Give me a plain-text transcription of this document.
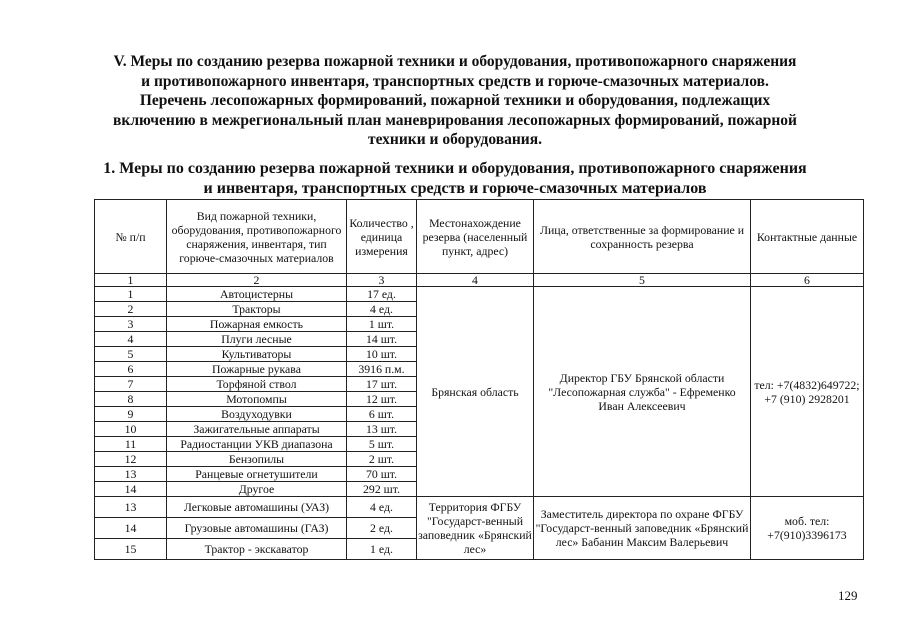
V. Меры по созданию резерва пожарной техники и оборудования, противопожарного снаряжения
и противопожарного инвентаря, транспортных средств и горюче-смазочных материалов.
Перечень лесопожарных формирований, пожарной техники и оборудования, подлежащих
включению в межрегиональный план маневрирования лесопожарных формирований, пожарной
техники и оборудования.
1. Меры по созданию резерва пожарной техники и оборудования, противопожарного снаряжения
и инвентаря, транспортных средств и горюче-смазочных материалов
№ п/п	Вид пожарной техники, оборудования, противопожарного снаряжения, инвентаря, тип горюче-смазочных материалов	Количество , единица измерения	Местонахождение резерва (населенный пункт, адрес)	Лица, ответственные за формирование и сохранность резерва	Контактные данные
1	2	3	4	5	6
1	Автоцистерны	17 ед.	Брянская область	Директор ГБУ Брянской области "Лесопожарная служба" - Ефременко Иван Алексеевич	тел: +7(4832)649722; +7 (910) 2928201
2	Тракторы	4 ед.			
3	Пожарная емкость	1 шт.			
4	Плуги лесные	14 шт.			
5	Культиваторы	10 шт.			
6	Пожарные рукава	3916 п.м.			
7	Торфяной ствол	17 шт.			
8	Мотопомпы	12 шт.			
9	Воздуходувки	6 шт.			
10	Зажигательные аппараты	13 шт.			
11	Радиостанции УКВ диапазона	5 шт.			
12	Бензопилы	2 шт.			
13	Ранцевые огнетушители	70 шт.			
14	Другое	292 шт.			
13	Легковые автомашины (УАЗ)	4 ед.	Территория ФГБУ "Государст-венный заповедник «Брянский лес»	Заместитель директора по охране ФГБУ "Государст-венный заповедник «Брянский лес» Бабанин Максим Валерьевич	моб. тел: +7(910)3396173
14	Грузовые автомашины (ГАЗ)	2 ед.			
15	Трактор - экскаватор	1 ед.			
129
